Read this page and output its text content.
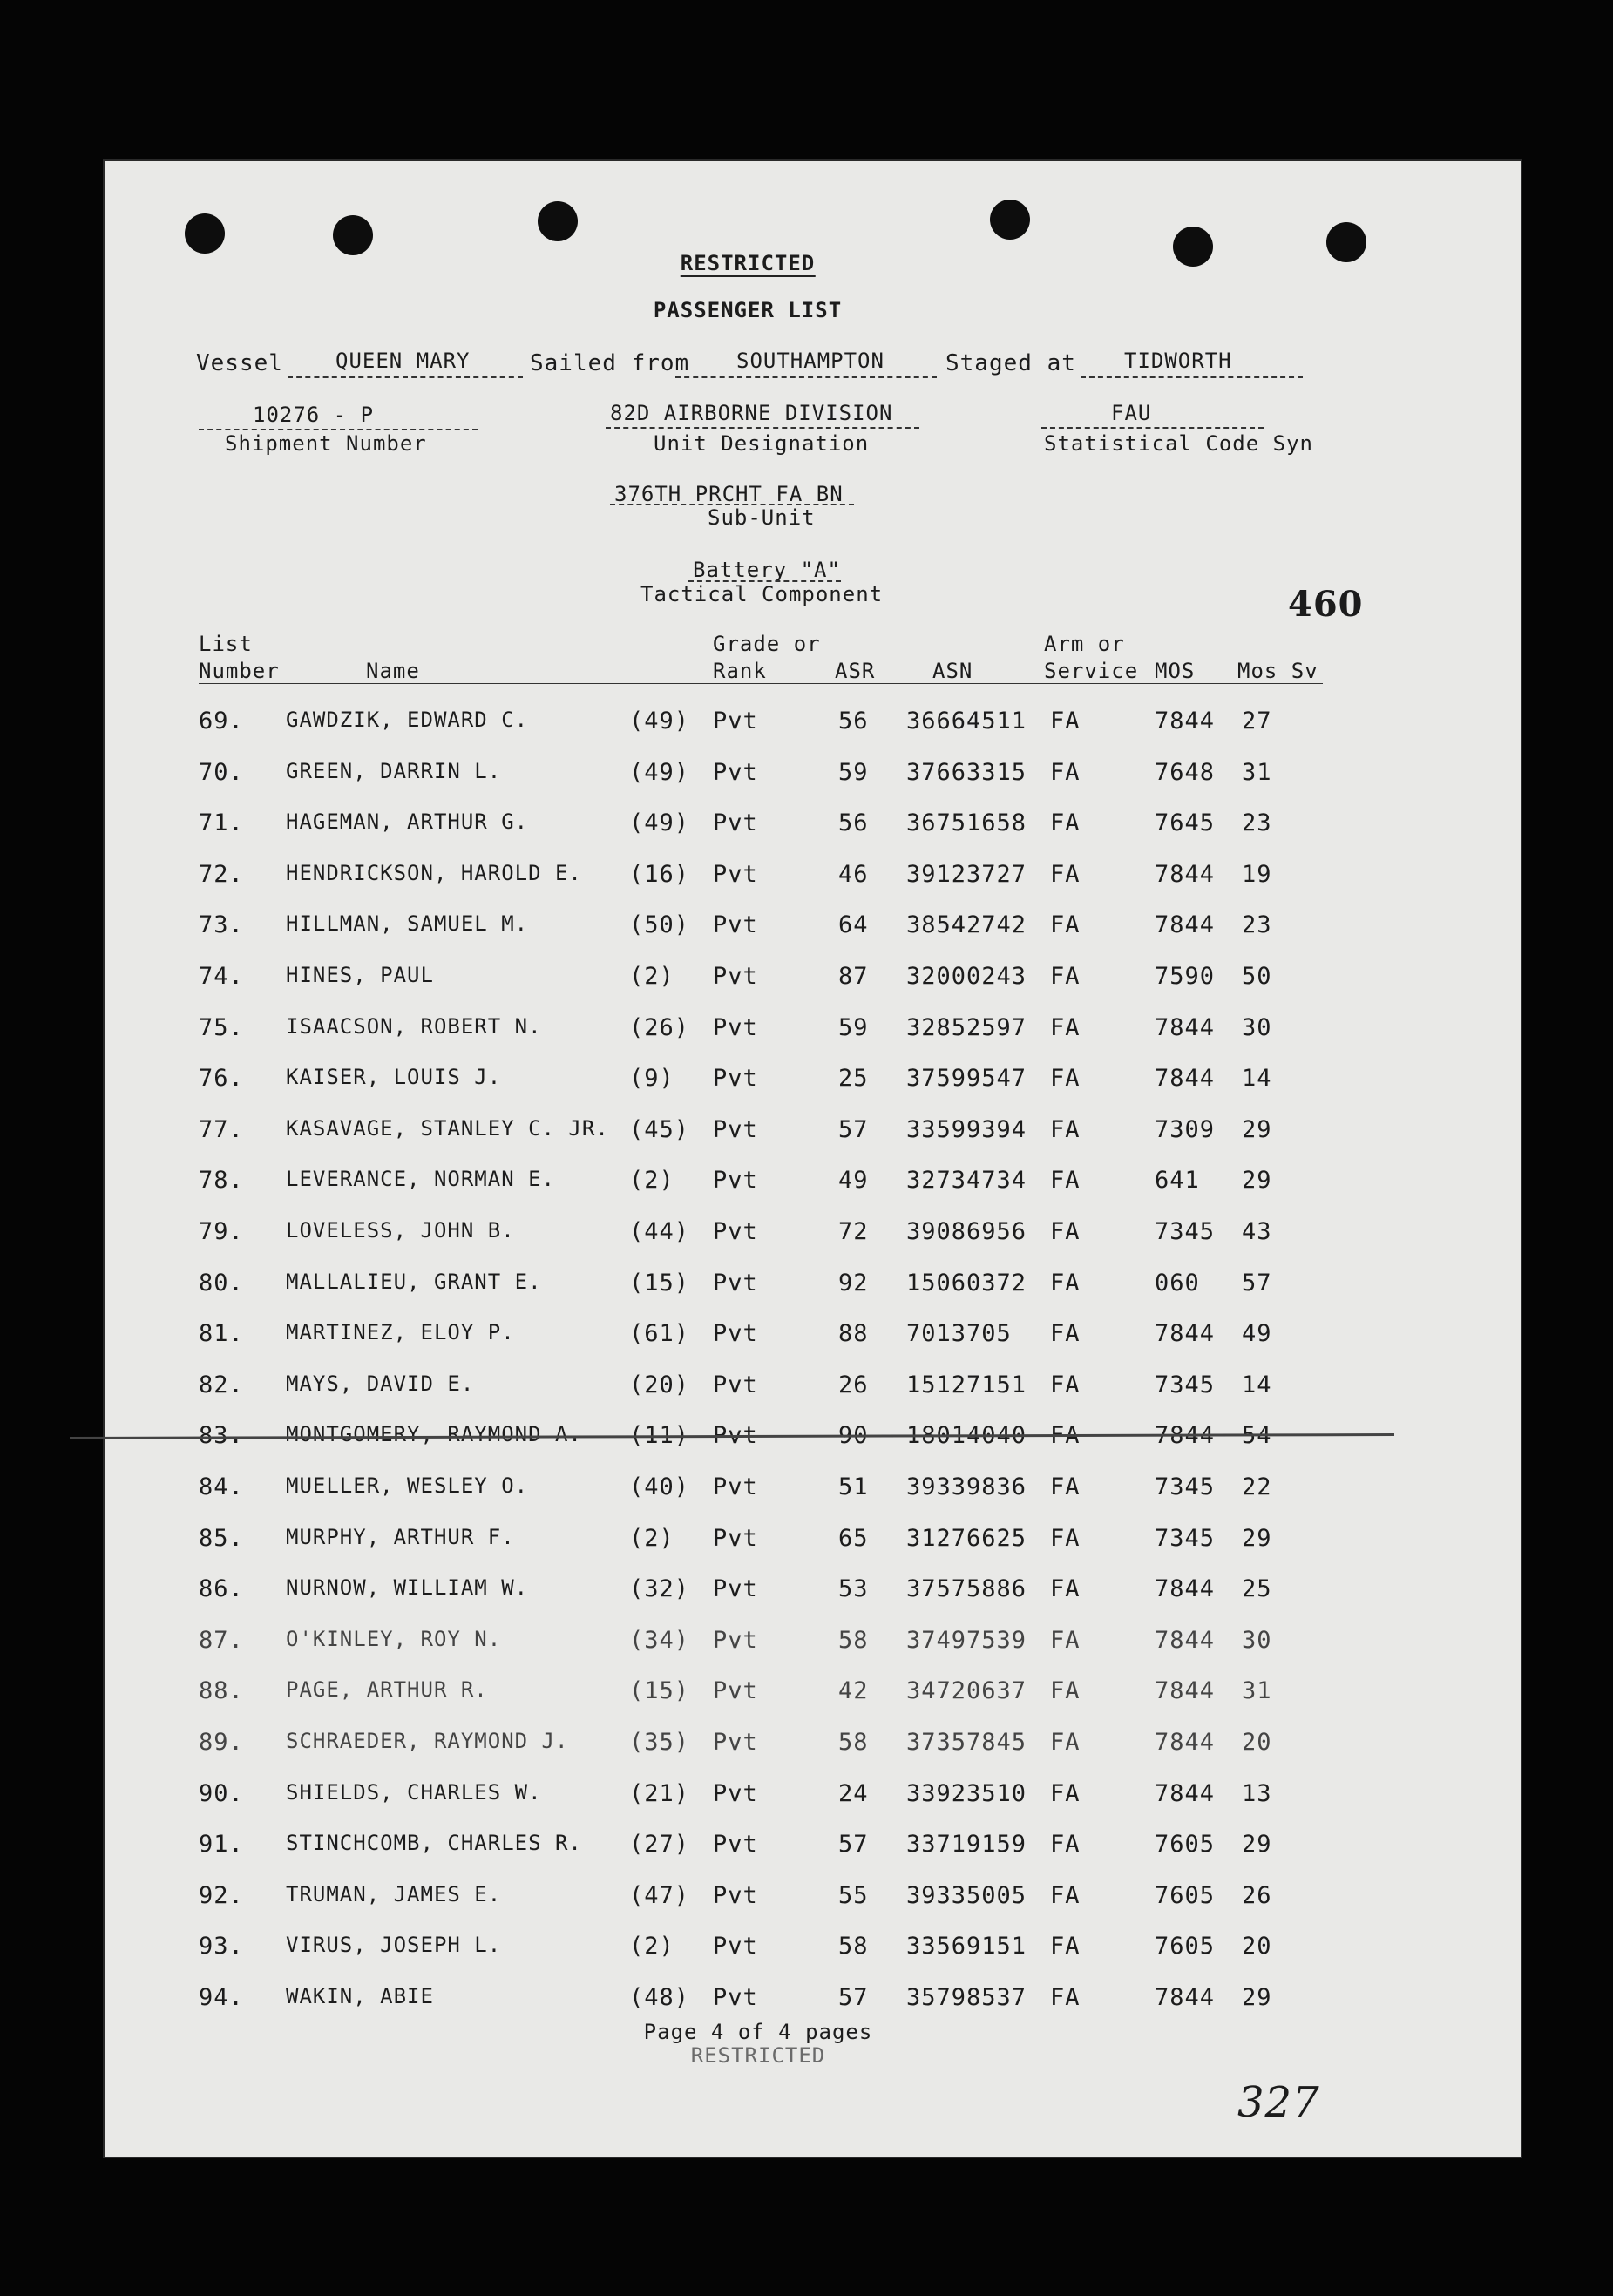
RESTRICTED
PASSENGER LIST
Vessel	QUEEN MARY	Sailed from SOUTHAMPTON	Staged at TIDWORTH
10276 - P
Shipment Number
82D AIRBORNE DIVISION
Unit Designation
FAU
Statistical Code Syn
376TH PRCHT FA BN
Sub-Unit
Battery "A"
Tactical Component	460
List
Number	Name
Grade or
Rank	ASR	ASN
Arm or
Service MOS Mos Sv
69. GAWDZIK, EDWARD C.	(49) Pvt	56 36664511 FA	7844 27
70. GREEN, DARRIN L.	(49) Pvt	59 37663315 FA	7648 31
71. HAGEMAN, ARTHUR G.	(49) Pvt	56 36751658 FA	7645 23
72. HENDRICKSON, HAROLD E. (16) Pvt	46 39123727 FA	7844 19
73. HILLMAN, SAMUEL M.	(50) Pvt	64 38542742 FA	7844 23
74. HINES, PAUL	(2) Pvt	87 32000243 FA	7590 50
75. ISAACSON, ROBERT N.	(26) Pvt	59 32852597 FA	7844 30
76. KAISER, LOUIS J.	(9) Pvt	25 37599547 FA	7844 14
77. KASAVAGE, STANLEY C. JR. (45) Pvt	57 33599394 FA	7309 29
78. LEVERANCE, NORMAN E.	(2) Pvt	49 32734734 FA	641 29
79. LOVELESS, JOHN B.	(44) Pvt	72 39086956 FA	7345 43
80. MALLALIEU, GRANT E.	(15) Pvt	92 15060372 FA	060 57
81. MARTINEZ, ELOY P.	(61) Pvt	88 7013705 FA	7844 49
82. MAYS, DAVID E.	(20) Pvt	26 15127151 FA	7345 14
83. MONTGOMERY, RAYMOND A. (11) Pvt	90 18014040 FA	7844 54
84. MUELLER, WESLEY O.	(40) Pvt	51 39339836 FA	7345 22
85. MURPHY, ARTHUR F.	(2) Pvt	65 31276625 FA	7345 29
86. NURNOW, WILLIAM W.	(32) Pvt	53 37575886 FA	7844 25
87. O'KINLEY, ROY N.	(34) Pvt	58 37497539 FA	7844 30
88. PAGE, ARTHUR R.	(15) Pvt	42 34720637 FA	7844 31
89. SCHRAEDER, RAYMOND J.	(35) Pvt	58 37357845 FA	7844 20
90. SHIELDS, CHARLES W.	(21) Pvt	24 33923510 FA	7844 13
91. STINCHCOMB, CHARLES R. (27) Pvt	57 33719159 FA	7605 29
92. TRUMAN, JAMES E.	(47) Pvt	55 39335005 FA	7605 26
93. VIRUS, JOSEPH L.	(2) Pvt	58 33569151 FA	7605 20
94. WAKIN, ABIE	(48) Pvt	57 35798537 FA	7844 29
Page 4 of 4 pages
RESTRICTED
327
